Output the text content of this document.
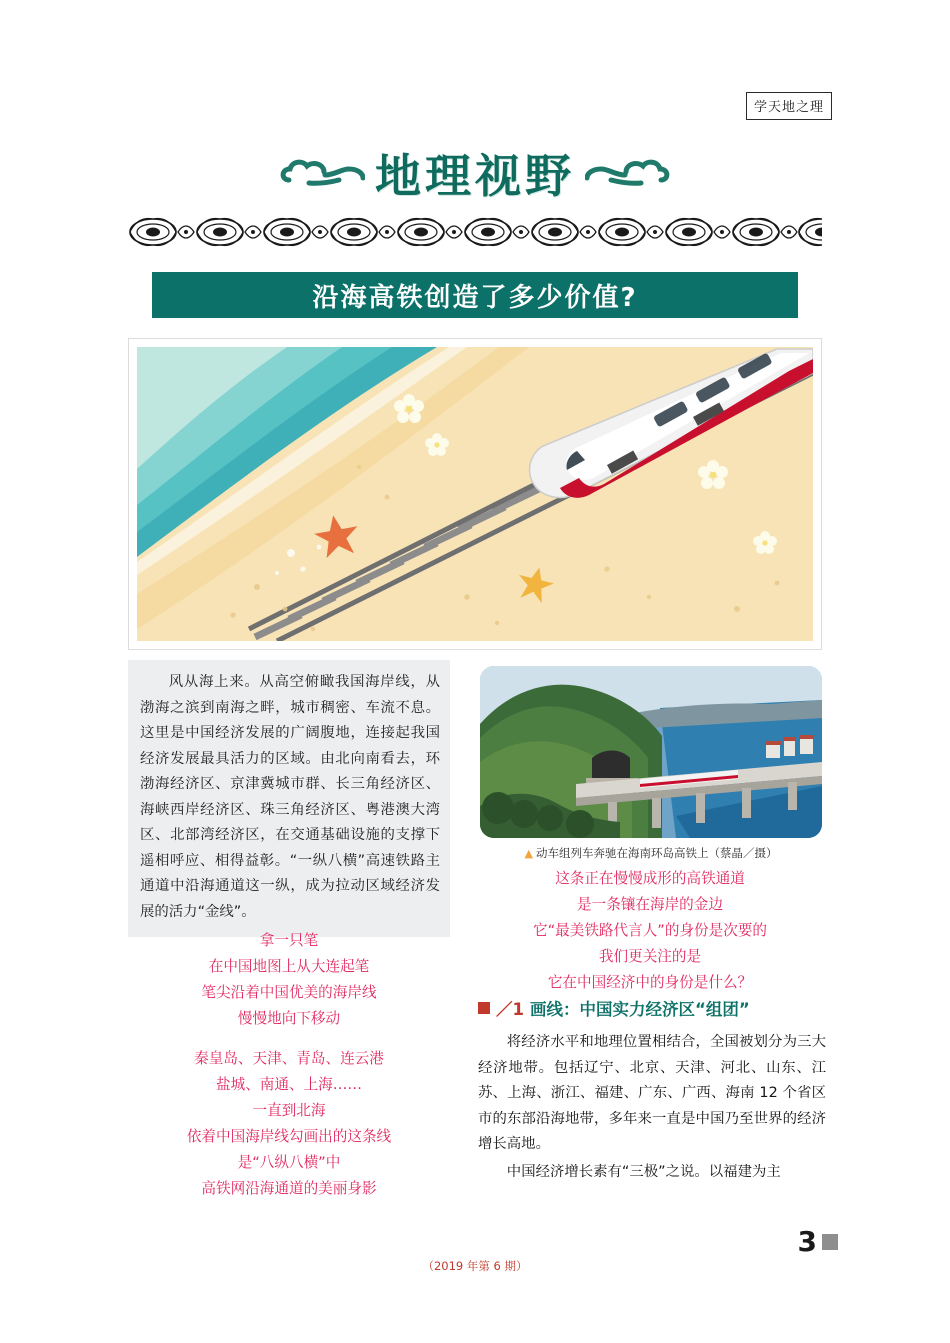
学天地之理
地理视野
沿海高铁创造了多少价值?

风从海上来。从高空俯瞰我国海岸线，从渤海之滨到南海之畔，城市稠密、车流不息。这里是中国经济发展的广阔腹地，连接起我国经济发展最具活力的区域。由北向南看去，环渤海经济区、京津冀城市群、长三角经济区、海峡西岸经济区、珠三角经济区、粤港澳大湾区、北部湾经济区，在交通基础设施的支撑下遥相呼应、相得益彰。“一纵八横”高速铁路主通道中沿海通道这一纵，成为拉动区域经济发展的活力“金线”。

拿一只笔
在中国地图上从大连起笔
笔尖沿着中国优美的海岸线
慢慢地向下移动
秦皇岛、天津、青岛、连云港
盐城、南通、上海……
一直到北海
依着中国海岸线勾画出的这条线
是“八纵八横”中
高铁网沿海通道的美丽身影
▲ 动车组列车奔驰在海南环岛高铁上（蔡晶／摄）
这条正在慢慢成形的高铁通道
是一条镶在海岸的金边
它“最美铁路代言人”的身份是次要的
我们更关注的是
它在中国经济中的身份是什么？
／1 画线：中国实力经济区“组团”

将经济水平和地理位置相结合，全国被划分为三大经济地带。包括辽宁、北京、天津、河北、山东、江苏、上海、浙江、福建、广东、广西、海南 12 个省区市的东部沿海地带，多年来一直是中国乃至世界的经济增长高地。

中国经济增长素有“三极”之说。以福建为主

（2019 年第 6 期）
3
